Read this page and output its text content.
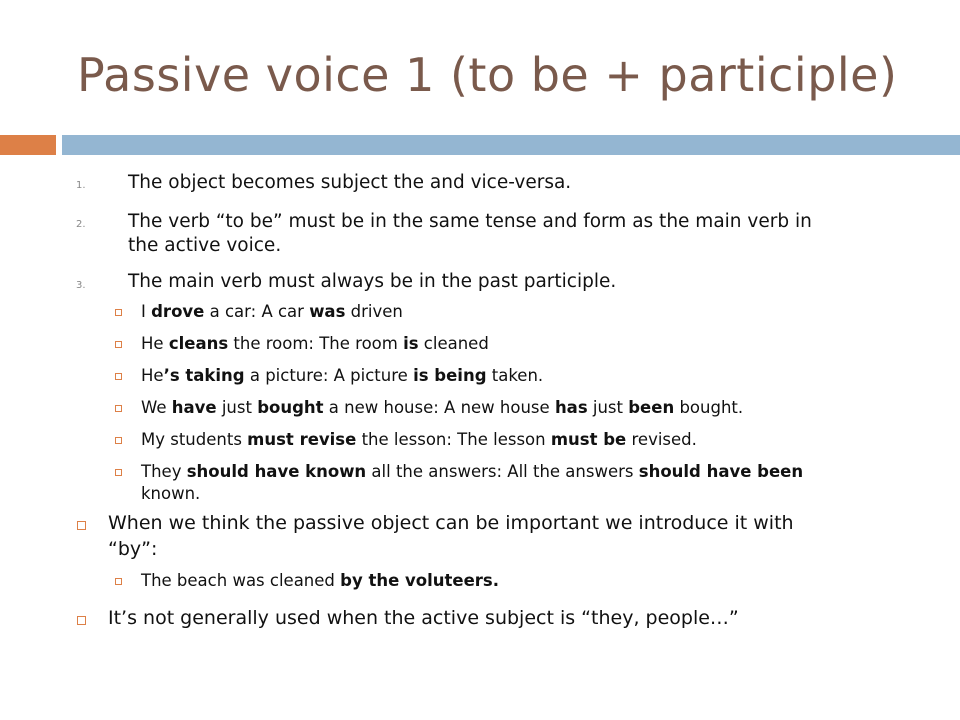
Passive voice 1 (to be + participle)
1. The object becomes subject the and vice-versa.
2. The verb “to be” must be in the same tense and form as the main verb in
the active voice.
3. The main verb must always be in the past participle.
I drove a car: A car was driven
He cleans the room: The room is cleaned
He’s taking a picture: A picture is being taken.
We have just bought a new house: A new house has just been bought.
My students must revise the lesson: The lesson must be revised.
They should have known all the answers: All the answers should have been
known.
When we think the passive object can be important we introduce it with
“by”:
The beach was cleaned by the voluteers.
It’s not generally used when the active subject is “they, people…”
